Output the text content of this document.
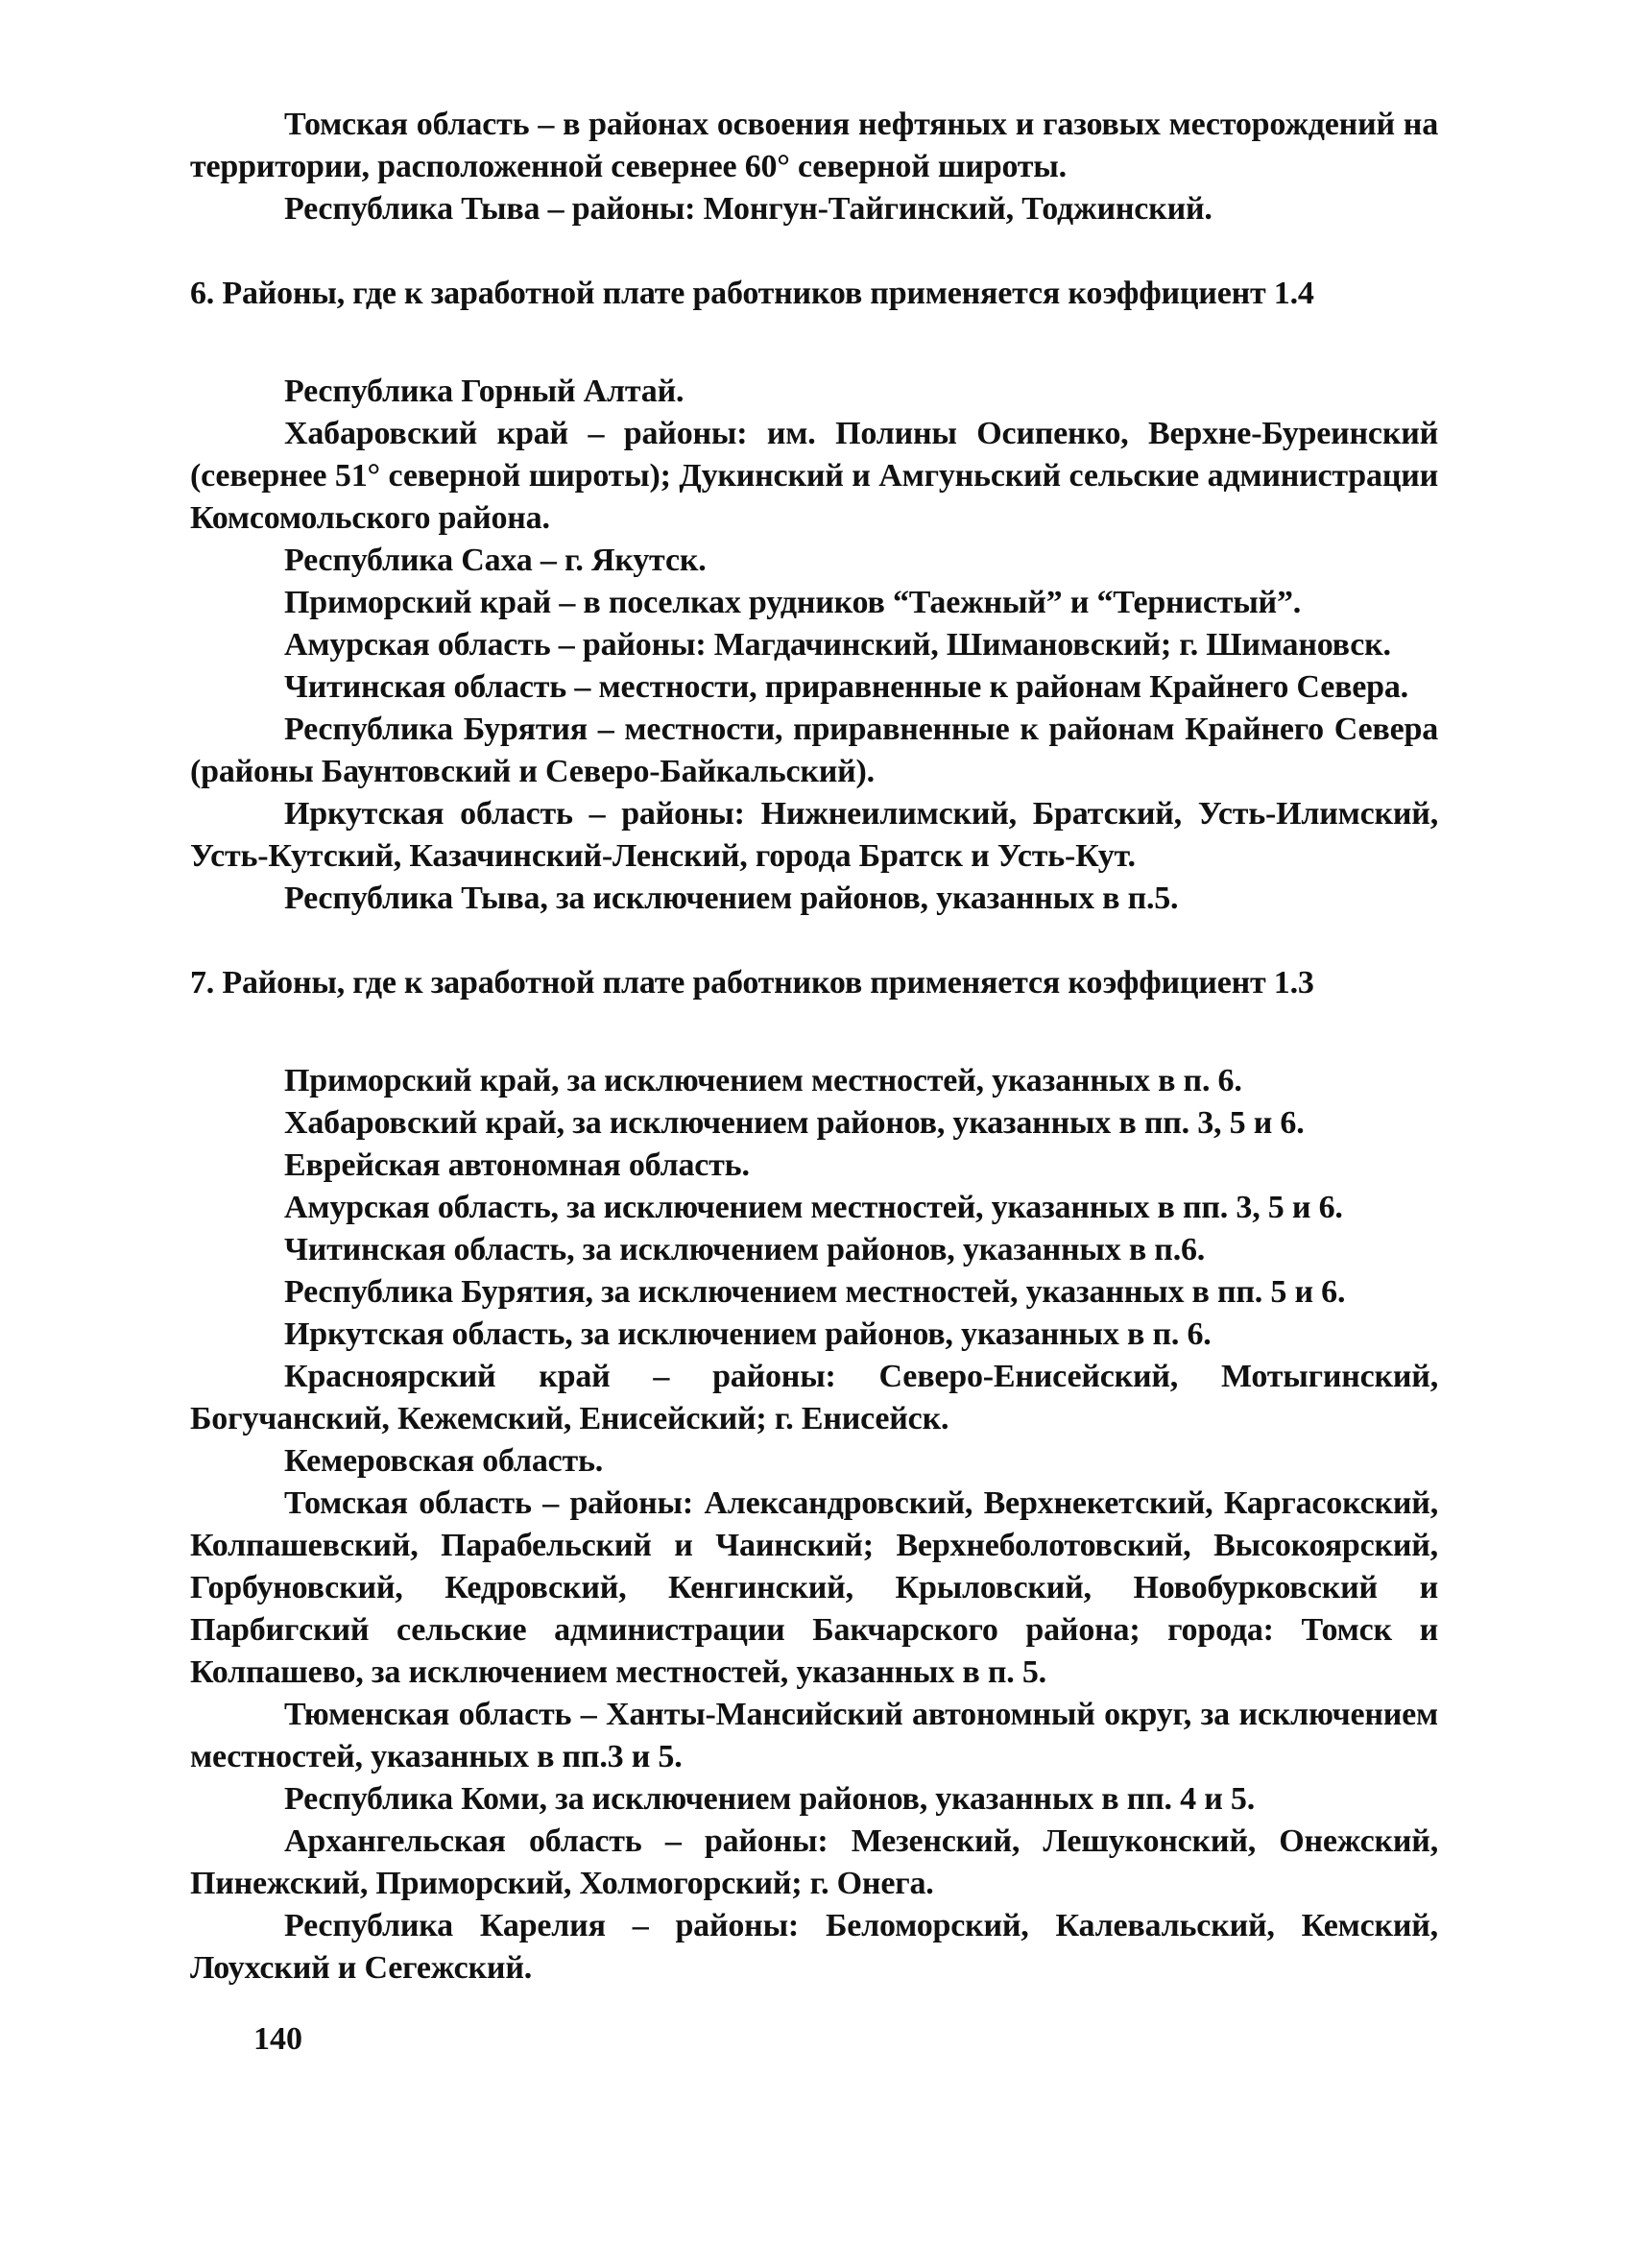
Томская область – в районах освоения нефтяных и газовых месторождений на территории, расположенной севернее 60° северной широты.

Республика Тыва – районы: Монгун-Тайгинский, Тоджинский.

6. Районы, где к заработной плате работников применяется коэффициент 1.4

Республика Горный Алтай.

Хабаровский край – районы: им. Полины Осипенко, Верхне-Буреинский (севернее 51° северной широты); Дукинский и Амгуньский сельские администрации Комсомольского района.

Республика Саха – г. Якутск.

Приморский край – в поселках рудников “Таежный” и “Тернистый”.

Амурская область – районы: Магдачинский, Шимановский; г. Шимановск.

Читинская область – местности, приравненные к районам Крайнего Севера.

Республика Бурятия – местности, приравненные к районам Крайнего Севера (районы Баунтовский и Северо-Байкальский).

Иркутская область – районы: Нижнеилимский, Братский, Усть-Илимский, Усть-Кутский, Казачинский-Ленский, города Братск и Усть-Кут.

Республика Тыва, за исключением районов, указанных в п.5.

7. Районы, где к заработной плате работников применяется коэффициент 1.3

Приморский край, за исключением местностей, указанных в п. 6.

Хабаровский край, за исключением районов, указанных в пп. 3, 5 и 6.

Еврейская автономная область.

Амурская область, за исключением местностей, указанных в пп. 3, 5 и 6.

Читинская область, за исключением районов, указанных в п.6.

Республика Бурятия, за исключением местностей, указанных в пп. 5 и 6.

Иркутская область, за исключением районов, указанных в п. 6.

Красноярский край – районы: Северо-Енисейский, Мотыгинский, Богучанский, Кежемский, Енисейский; г. Енисейск.

Кемеровская область.

Томская область – районы: Александровский, Верхнекетский, Каргасокский, Колпашевский, Парабельский и Чаинский; Верхнеболотовский, Высокоярский, Горбуновский, Кедровский, Кенгинский, Крыловский, Новобурковский и Парбигский сельские администрации Бакчарского района; города: Томск и Колпашево, за исключением местностей, указанных в п. 5.

Тюменская область – Ханты-Мансийский автономный округ, за исключением местностей, указанных в пп.3 и 5.

Республика Коми, за исключением районов, указанных в пп. 4 и 5.

Архангельская область – районы: Мезенский, Лешуконский, Онежский, Пинежский, Приморский, Холмогорский; г. Онега.

Республика Карелия – районы: Беломорский, Калевальский, Кемский, Лоухский и Сегежский.

140
